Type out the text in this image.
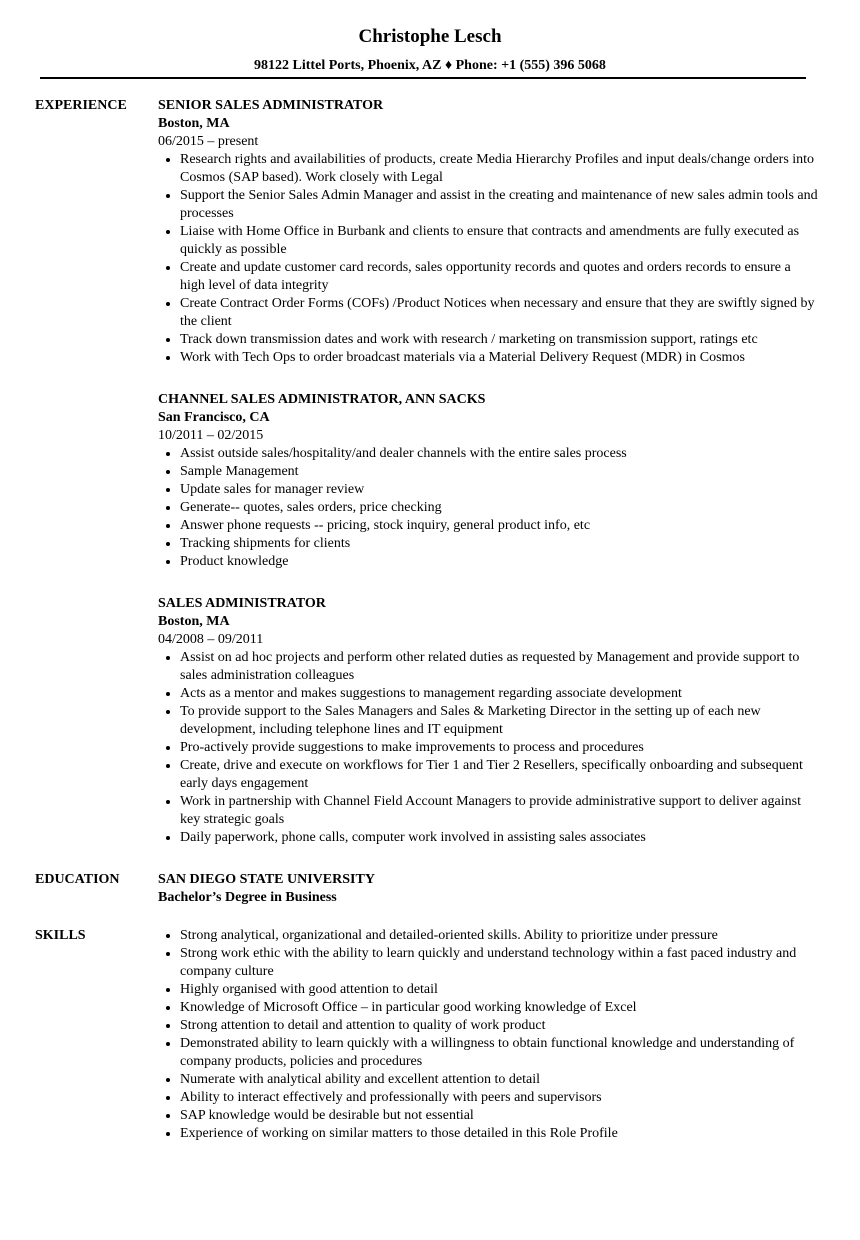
Christophe Lesch
98122 Littel Ports, Phoenix, AZ ♦ Phone: +1 (555) 396 5068
EXPERIENCE	SENIOR SALES ADMINISTRATOR
Boston, MA
06/2015 – present
• Research rights and availabilities of products, create Media Hierarchy Profiles and input deals/change orders into Cosmos (SAP based). Work closely with Legal
• Support the Senior Sales Admin Manager and assist in the creating and maintenance of new sales admin tools and processes
• Liaise with Home Office in Burbank and clients to ensure that contracts and amendments are fully executed as quickly as possible
• Create and update customer card records, sales opportunity records and quotes and orders records to ensure a high level of data integrity
• Create Contract Order Forms (COFs) /Product Notices when necessary and ensure that they are swiftly signed by the client
• Track down transmission dates and work with research / marketing on transmission support, ratings etc
• Work with Tech Ops to order broadcast materials via a Material Delivery Request (MDR) in Cosmos
CHANNEL SALES ADMINISTRATOR, ANN SACKS
San Francisco, CA
10/2011 – 02/2015
• Assist outside sales/hospitality/and dealer channels with the entire sales process
• Sample Management
• Update sales for manager review
• Generate-- quotes, sales orders, price checking
• Answer phone requests -- pricing, stock inquiry, general product info, etc
• Tracking shipments for clients
• Product knowledge
SALES ADMINISTRATOR
Boston, MA
04/2008 – 09/2011
• Assist on ad hoc projects and perform other related duties as requested by Management and provide support to sales administration colleagues
• Acts as a mentor and makes suggestions to management regarding associate development
• To provide support to the Sales Managers and Sales & Marketing Director in the setting up of each new development, including telephone lines and IT equipment
• Pro-actively provide suggestions to make improvements to process and procedures
• Create, drive and execute on workflows for Tier 1 and Tier 2 Resellers, specifically onboarding and subsequent early days engagement
• Work in partnership with Channel Field Account Managers to provide administrative support to deliver against key strategic goals
• Daily paperwork, phone calls, computer work involved in assisting sales associates
EDUCATION	SAN DIEGO STATE UNIVERSITY
Bachelor’s Degree in Business
SKILLS
•	Strong analytical, organizational and detailed-oriented skills. Ability to prioritize under pressure
• Strong work ethic with the ability to learn quickly and understand technology within a fast paced industry and company culture
• Highly organised with good attention to detail
• Knowledge of Microsoft Office – in particular good working knowledge of Excel
• Strong attention to detail and attention to quality of work product
• Demonstrated ability to learn quickly with a willingness to obtain functional knowledge and understanding of company products, policies and procedures
• Numerate with analytical ability and excellent attention to detail
• Ability to interact effectively and professionally with peers and supervisors
• SAP knowledge would be desirable but not essential
• Experience of working on similar matters to those detailed in this Role Profile
